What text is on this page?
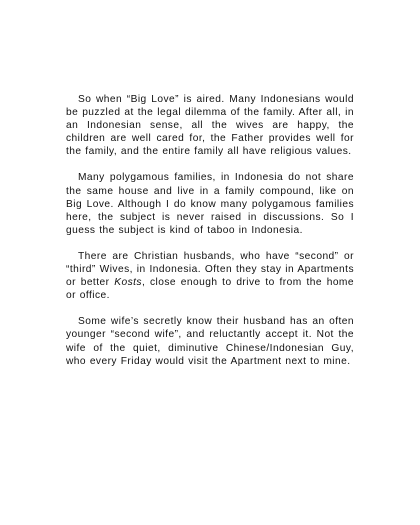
So when “Big Love” is aired. Many Indonesians would be puzzled at the legal dilemma of the family. After all, in an Indonesian sense, all the wives are happy, the children are well cared for, the Father provides well for the family, and the entire family all have religious values.

Many polygamous families, in Indonesia do not share the same house and live in a family compound, like on Big Love. Although I do know many polygamous families here, the subject is never raised in discussions. So I guess the subject is kind of taboo in Indonesia.

There are Christian husbands, who have “second” or “third” Wives, in Indonesia. Often they stay in Apartments or better Kosts, close enough to drive to from the home or office.

Some wife’s secretly know their husband has an often younger “second wife”, and reluctantly accept it. Not the wife of the quiet, diminutive Chinese/Indonesian Guy, who every Friday would visit the Apartment next to mine.
